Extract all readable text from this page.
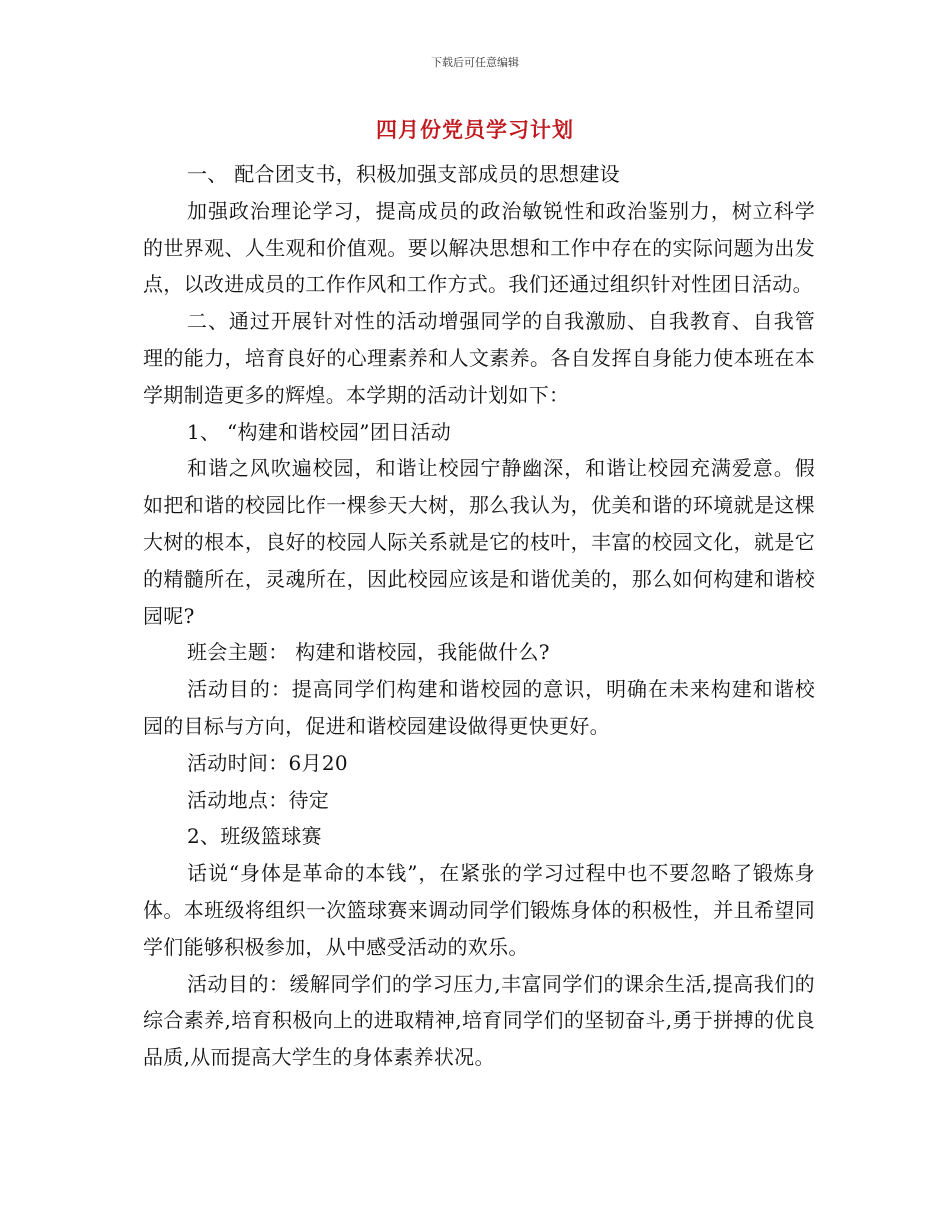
下载后可任意编辑
四月份党员学习计划

一、 配合团支书，积极加强支部成员的思想建设

加强政治理论学习，提高成员的政治敏锐性和政治鉴别力，树立科学的世界观、人生观和价值观。要以解决思想和工作中存在的实际问题为出发点，以改进成员的工作作风和工作方式。我们还通过组织针对性团日活动。

二、通过开展针对性的活动增强同学的自我激励、自我教育、自我管理的能力，培育良好的心理素养和人文素养。各自发挥自身能力使本班在本学期制造更多的辉煌。本学期的活动计划如下：

1、 “构建和谐校园”团日活动

和谐之风吹遍校园，和谐让校园宁静幽深，和谐让校园充满爱意。假如把和谐的校园比作一棵参天大树，那么我认为，优美和谐的环境就是这棵大树的根本，良好的校园人际关系就是它的枝叶，丰富的校园文化，就是它的精髓所在，灵魂所在，因此校园应该是和谐优美的，那么如何构建和谐校园呢?

班会主题： 构建和谐校园，我能做什么?

活动目的：提高同学们构建和谐校园的意识，明确在未来构建和谐校园的目标与方向，促进和谐校园建设做得更快更好。

活动时间：6月20

活动地点：待定

2、班级篮球赛

话说“身体是革命的本钱”，在紧张的学习过程中也不要忽略了锻炼身体。本班级将组织一次篮球赛来调动同学们锻炼身体的积极性，并且希望同学们能够积极参加，从中感受活动的欢乐。

活动目的：缓解同学们的学习压力,丰富同学们的课余生活,提高我们的综合素养,培育积极向上的进取精神,培育同学们的坚韧奋斗,勇于拼搏的优良品质,从而提高大学生的身体素养状况。
